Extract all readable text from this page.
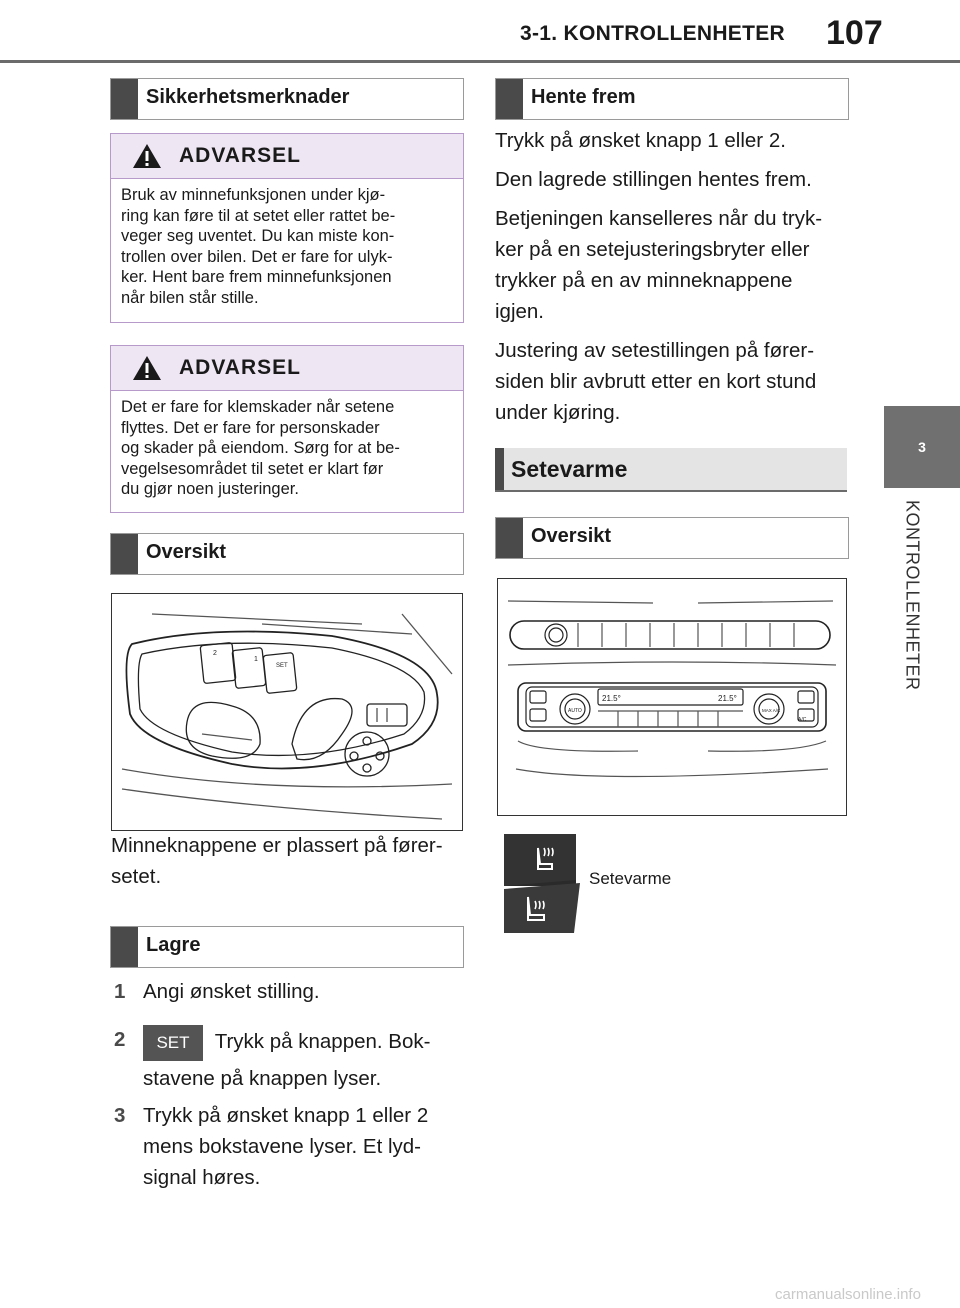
3-1. KONTROLLENHETER 107
3
KONTROLLENHETER
Sikkerhetsmerknader
ADVARSEL
Bruk av minnefunksjonen under kjø-
ring kan føre til at setet eller rattet be-
veger seg uventet. Du kan miste kon-
trollen over bilen. Det er fare for ulyk-
ker. Hent bare frem minnefunksjonen
når bilen står stille.
ADVARSEL
Det er fare for klemskader når setene
flyttes. Det er fare for personskader
og skader på eiendom. Sørg for at be-
vegelsesområdet til setet er klart før
du gjør noen justeringer.
Oversikt
2
1
SET
Minneknappene er plassert på fører-
setet.
Lagre
1 Angi ønsket stilling.
2	SET Trykk på knappen. Bok-
stavene på knappen lyser.
3 Trykk på ønsket knapp 1 eller 2
mens bokstavene lyser. Et lyd-
signal høres.
Hente frem
Trykk på ønsket knapp 1 eller 2.
Den lagrede stillingen hentes frem.
Betjeningen kanselleres når du tryk-
ker på en setejusteringsbryter eller
trykker på en av minneknappene
igjen.
Justering av setestillingen på fører-
siden blir avbrutt etter en kort stund
under kjøring.
Setevarme
Oversikt
21.5°	21.5°
AUTO	MAX A/C
A/C
Setevarme
carmanualsonline.info
